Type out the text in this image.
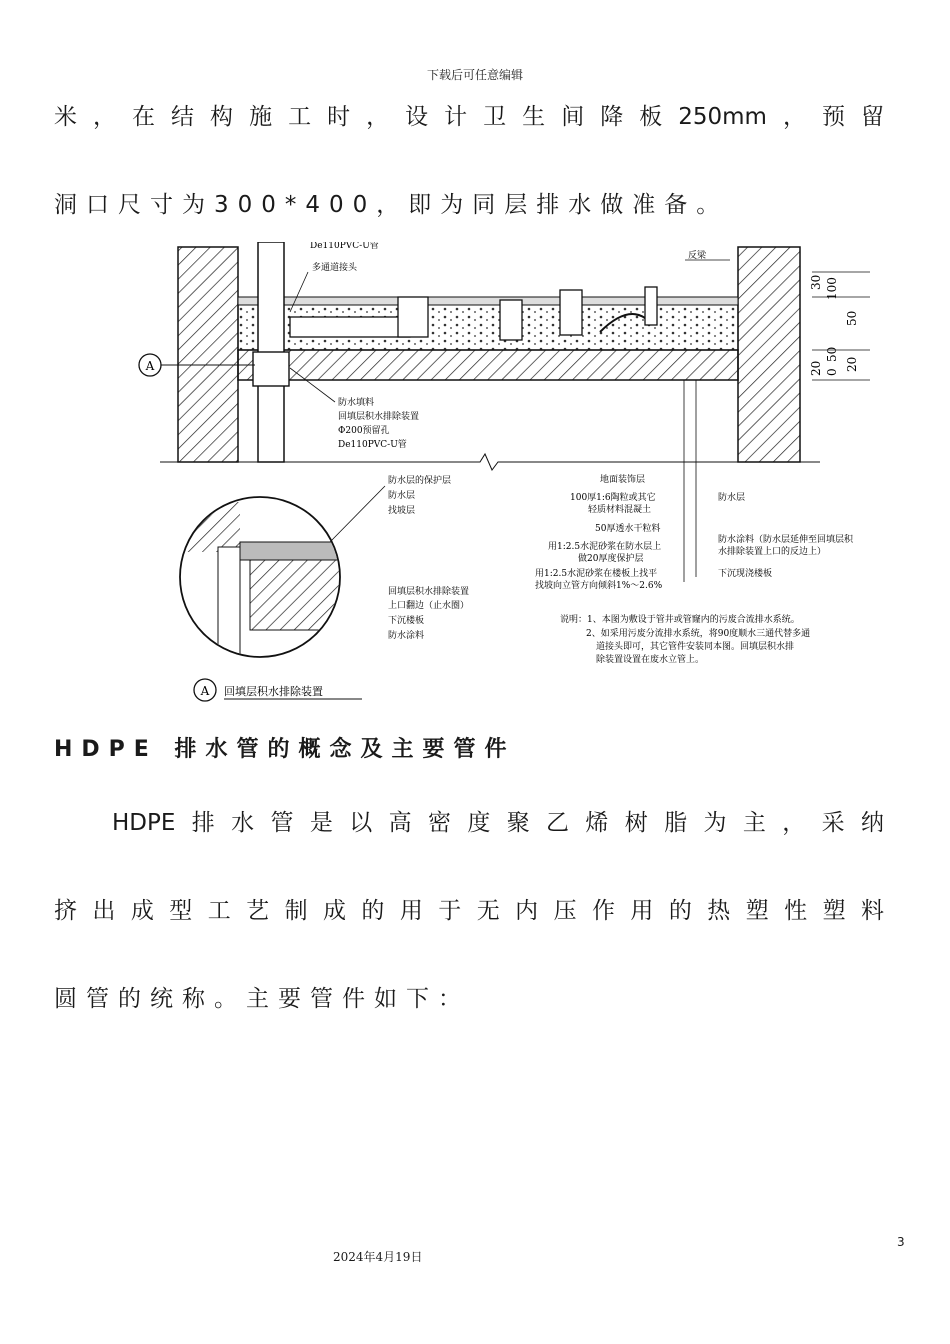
下载后可任意编辑
米，在结构施工时，设计卫生间降板250mm，预留
洞口尺寸为300*400，即为同层排水做准备。
A
De110PVC-U管
多通道接头
反梁
30 100
50
50
20 0
20
防水填料
回填层积水排除装置
Φ200预留孔
De110PVC-U管
防水层的保护层
防水层
找坡层
回填层积水排除装置
上口翻边（止水圈）
下沉楼板
防水涂料
地面装饰层
100厚1:6陶粒或其它
轻质材料混凝土
50厚透水干粒料
用1:2.5水泥砂浆在防水层上
做20厚度保护层
用1:2.5水泥砂浆在楼板上找平
找坡向立管方向倾斜1%～2.6%
防水层
防水涂料（防水层延伸至回填层积
水排除装置上口的反边上）
下沉现浇楼板
说明：1、本图为敷设于管井或管窿内的污废合流排水系统。
2、如采用污废分流排水系统，将90度顺水三通代替多通
道接头即可，其它管件安装同本图。回填层积水排
除装置设置在废水立管上。
A 回填层积水排除装置
HDPE 排水管的概念及主要管件
HDPE排水管是以高密度聚乙烯树脂为主，采纳
挤出成型工艺制成的用于无内压作用的热塑性塑料
圆管的统称。主要管件如下：
3
2024年4月19日
